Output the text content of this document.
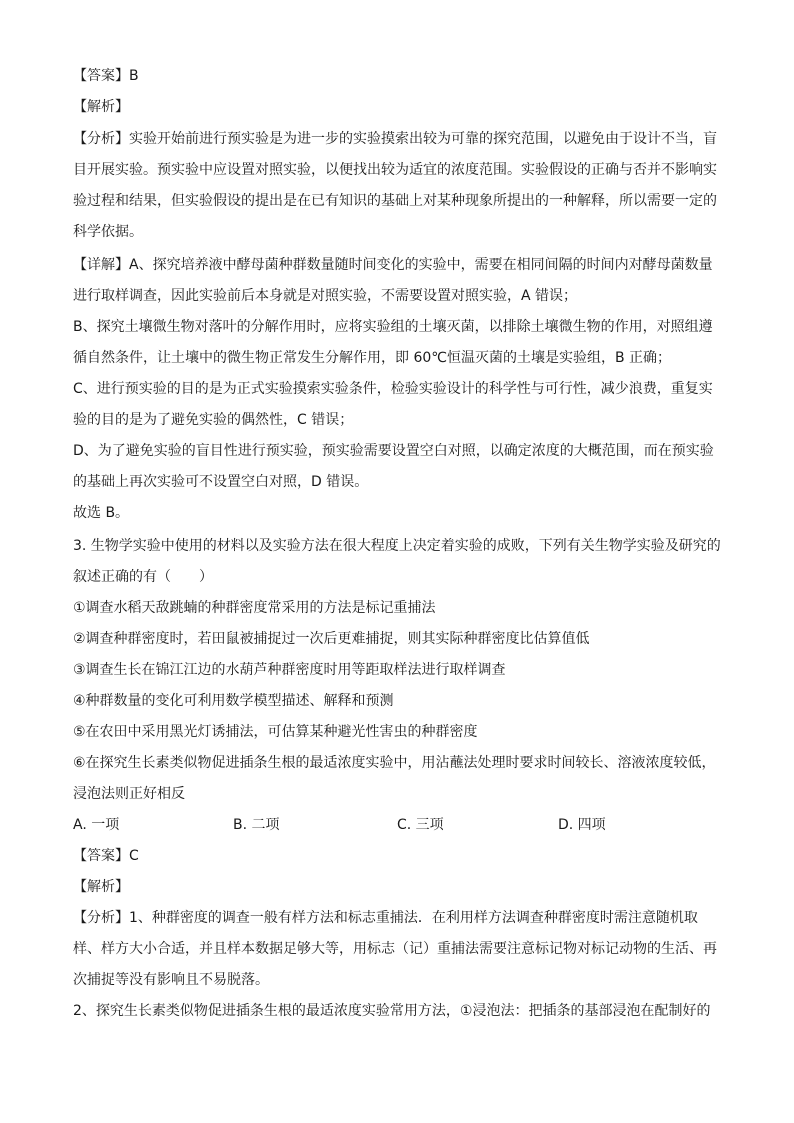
【答案】B
【解析】
【分析】实验开始前进行预实验是为进一步的实验摸索出较为可靠的探究范围，以避免由于设计不当，盲
目开展实验。预实验中应设置对照实验，以便找出较为适宜的浓度范围。实验假设的正确与否并不影响实
验过程和结果，但实验假设的提出是在已有知识的基础上对某种现象所提出的一种解释，所以需要一定的
科学依据。
【详解】A、探究培养液中酵母菌种群数量随时间变化的实验中，需要在相同间隔的时间内对酵母菌数量
进行取样调查，因此实验前后本身就是对照实验，不需要设置对照实验，A 错误；
B、探究土壤微生物对落叶的分解作用时，应将实验组的土壤灭菌，以排除土壤微生物的作用，对照组遵
循自然条件，让土壤中的微生物正常发生分解作用，即 60℃恒温灭菌的土壤是实验组，B 正确；
C、进行预实验的目的是为正式实验摸索实验条件，检验实验设计的科学性与可行性，减少浪费，重复实
验的目的是为了避免实验的偶然性，C 错误；
D、为了避免实验的盲目性进行预实验，预实验需要设置空白对照，以确定浓度的大概范围，而在预实验
的基础上再次实验可不设置空白对照，D 错误。
故选 B。
3. 生物学实验中使用的材料以及实验方法在很大程度上决定着实验的成败，下列有关生物学实验及研究的
叙述正确的有（　　）
①调查水稻天敌跳蝻的种群密度常采用的方法是标记重捕法
②调查种群密度时，若田鼠被捕捉过一次后更难捕捉，则其实际种群密度比估算值低
③调查生长在锦江江边的水葫芦种群密度时用等距取样法进行取样调查
④种群数量的变化可利用数学模型描述、解释和预测
⑤在农田中采用黑光灯诱捕法，可估算某种避光性害虫的种群密度
⑥在探究生长素类似物促进插条生根的最适浓度实验中，用沾蘸法处理时要求时间较长、溶液浓度较低，
浸泡法则正好相反
A. 一项	B. 二项	C. 三项	D. 四项
【答案】C
【解析】
【分析】1、种群密度的调查一般有样方法和标志重捕法．在利用样方法调查种群密度时需注意随机取
样、样方大小合适，并且样本数据足够大等，用标志（记）重捕法需要注意标记物对标记动物的生活、再
次捕捉等没有影响且不易脱落。
2、探究生长素类似物促进插条生根的最适浓度实验常用方法，①浸泡法：把插条的基部浸泡在配制好的
